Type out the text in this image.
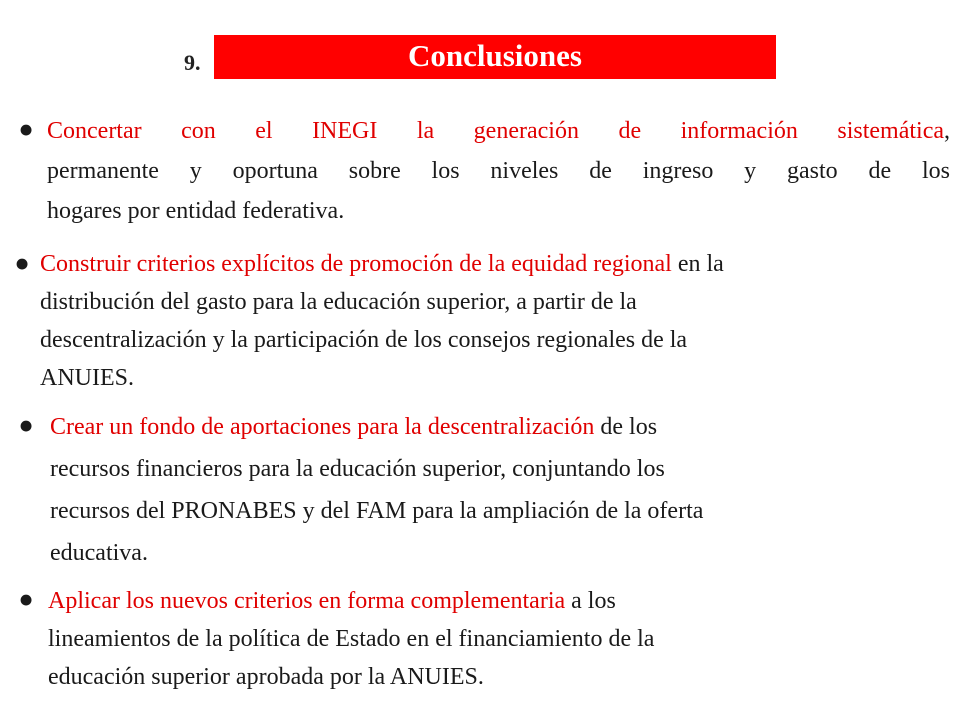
9.	Conclusiones
• Concertar con el INEGI la generación de información sistemática,
permanente y oportuna sobre los niveles de ingreso y gasto de los
hogares por entidad federativa.
• Construir criterios explícitos de promoción de la equidad regional en la
distribución del gasto para la educación superior, a partir de la
descentralización y la participación de los consejos regionales de la
ANUIES.
• Crear un fondo de aportaciones para la descentralización de los
recursos financieros para la educación superior, conjuntando los
recursos del PRONABES y del FAM para la ampliación de la oferta
educativa.
• Aplicar los nuevos criterios en forma complementaria a los
lineamientos de la política de Estado en el financiamiento de la
educación superior aprobada por la ANUIES.
